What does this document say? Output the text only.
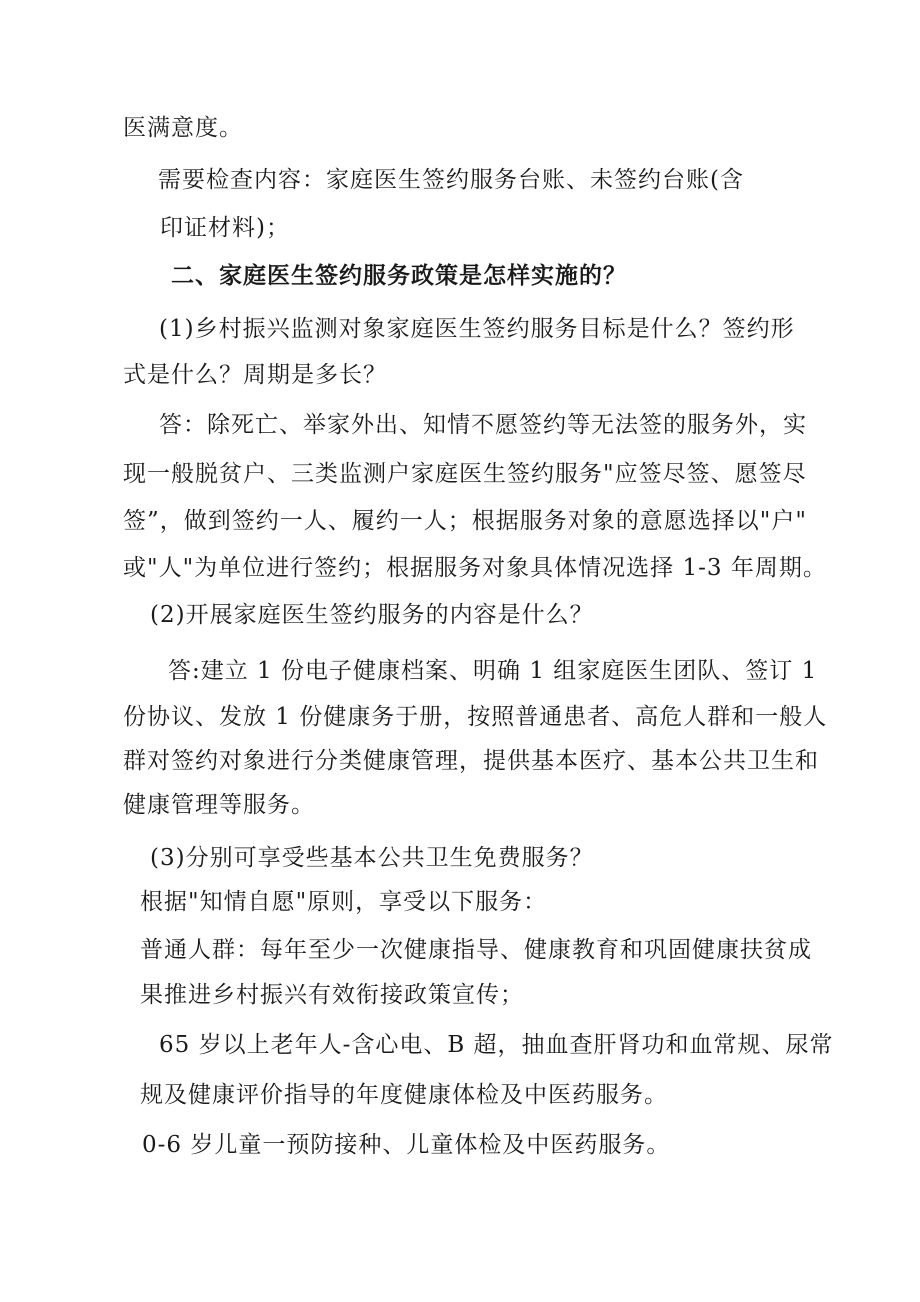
医满意度。
需要检查内容：家庭医生签约服务台账、未签约台账(含
印证材料)；
二、家庭医生签约服务政策是怎样实施的？
(1)乡村振兴监测对象家庭医生签约服务目标是什么？签约形
式是什么？周期是多长？
答：除死亡、举家外出、知情不愿签约等无法签的服务外，实
现一般脱贫户、三类监测户家庭医生签约服务"应签尽签、愿签尽
签”，做到签约一人、履约一人；根据服务对象的意愿选择以"户"
或"人"为单位进行签约；根据服务对象具体情况选择 1-3 年周期。
(2)开展家庭医生签约服务的内容是什么？
答:建立 1 份电子健康档案、明确 1 组家庭医生团队、签订 1
份协议、发放 1 份健康务于册，按照普通患者、高危人群和一般人
群对签约对象进行分类健康管理，提供基本医疗、基本公共卫生和
健康管理等服务。
(3)分别可享受些基本公共卫生免费服务？
根据"知情自愿"原则，享受以下服务：
普通人群：每年至少一次健康指导、健康教育和巩固健康扶贫成
果推进乡村振兴有效衔接政策宣传；
65 岁以上老年人-含心电、B 超，抽血查肝肾功和血常规、尿常
规及健康评价指导的年度健康体检及中医药服务。
0-6 岁儿童一预防接种、儿童体检及中医药服务。
